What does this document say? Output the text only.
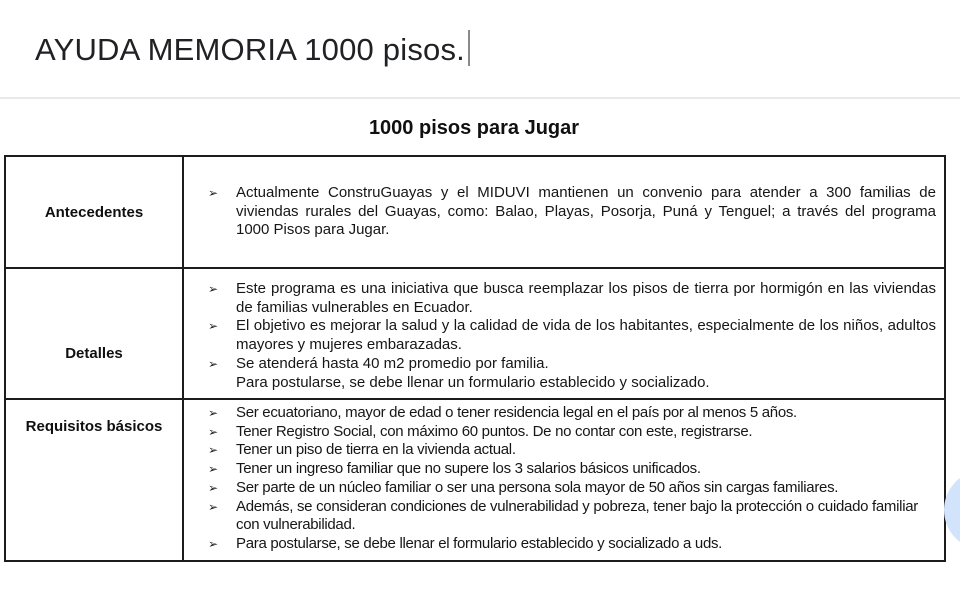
AYUDA MEMORIA 1000 pisos.
1000 pisos para Jugar
Antecedentes
➢ Actualmente ConstruGuayas y el MIDUVI mantienen un convenio para atender a 300 familias de viviendas rurales del Guayas, como: Balao, Playas, Posorja, Puná y Tenguel; a través del programa 1000 Pisos para Jugar.
Detalles
➢ Este programa es una iniciativa que busca reemplazar los pisos de tierra por hormigón en las viviendas de familias vulnerables en Ecuador.
➢ El objetivo es mejorar la salud y la calidad de vida de los habitantes, especialmente de los niños, adultos mayores y mujeres embarazadas.
➢ Se atenderá hasta 40 m2 promedio por familia.
Para postularse, se debe llenar un formulario establecido y socializado.
Requisitos básicos
➢ Ser ecuatoriano, mayor de edad o tener residencia legal en el país por al menos 5 años.
➢ Tener Registro Social, con máximo 60 puntos. De no contar con este, registrarse.
➢ Tener un piso de tierra en la vivienda actual.
➢ Tener un ingreso familiar que no supere los 3 salarios básicos unificados.
➢ Ser parte de un núcleo familiar o ser una persona sola mayor de 50 años sin cargas familiares.
➢ Además, se consideran condiciones de vulnerabilidad y pobreza, tener bajo la protección o cuidado familiar con vulnerabilidad.
➢ Para postularse, se debe llenar el formulario establecido y socializado a uds.
